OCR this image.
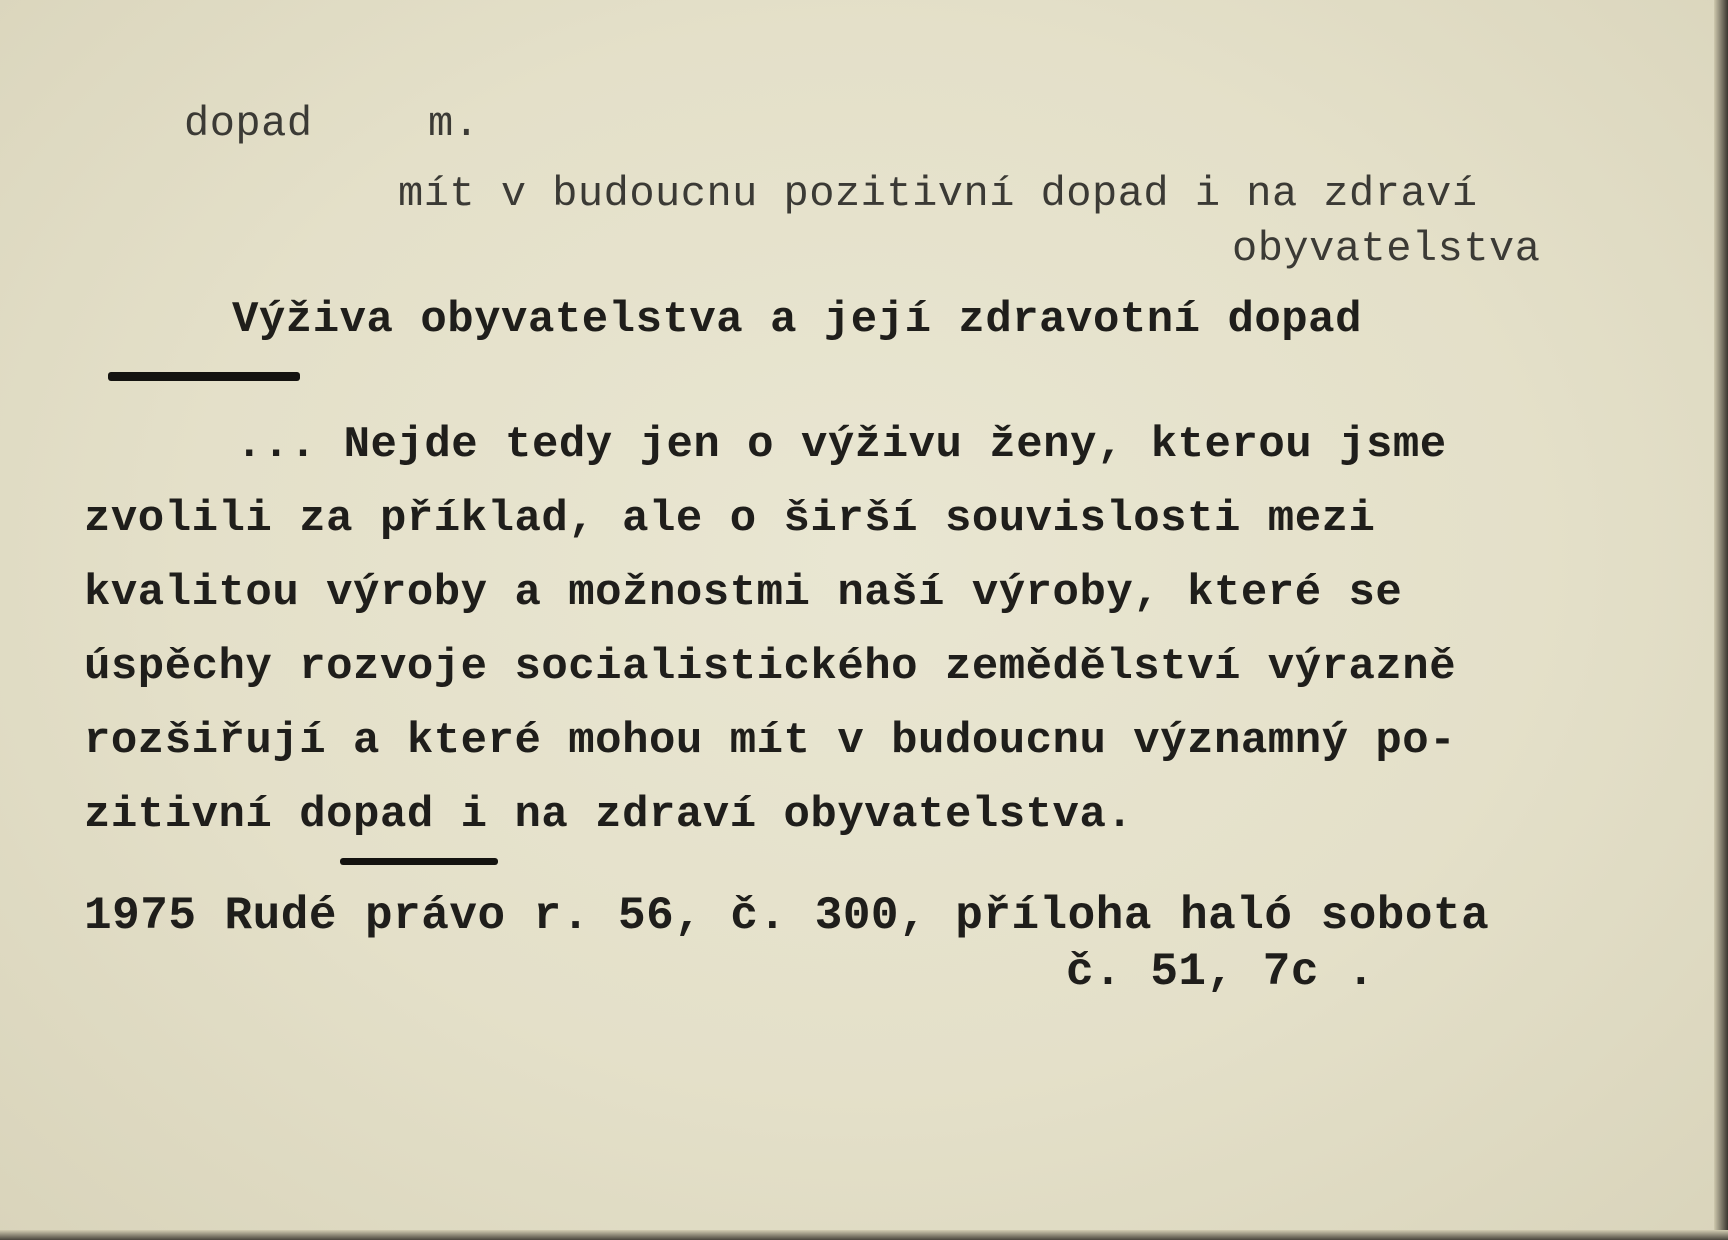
dopad	m.
mít v budoucnu pozitivní dopad i na zdraví
obyvatelstva
Výživa obyvatelstva a její zdravotní dopad
... Nejde tedy jen o výživu ženy, kterou jsme
zvolili za příklad, ale o širší souvislosti mezi
kvalitou výroby a možnostmi naší výroby, které se
úspěchy rozvoje socialistického zemědělství výrazně
rozšiřují a které mohou mít v budoucnu významný po-
zitivní dopad i na zdraví obyvatelstva.
1975 Rudé právo r. 56, č. 300, příloha haló sobota
č. 51, 7c .
